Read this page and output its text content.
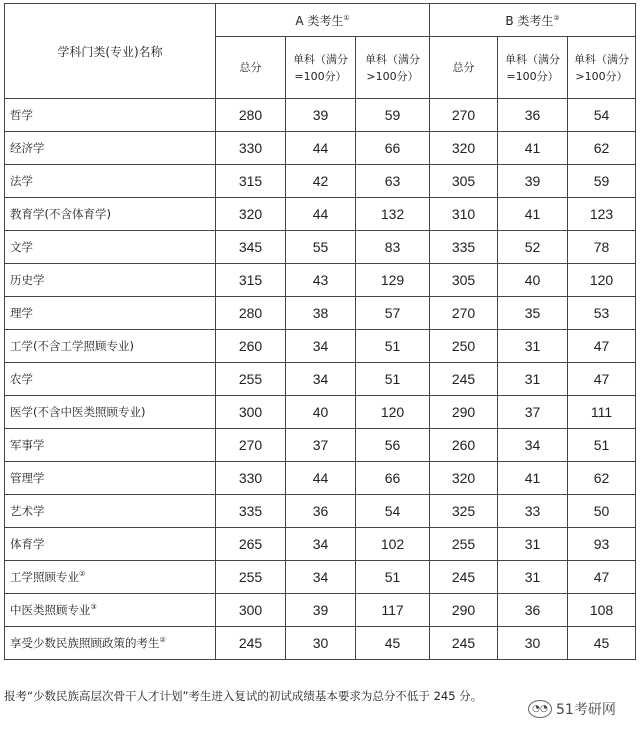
学科门类(专业)名称	A 类考生①			B 类考生②
	总分	单科（满分=100分）	单科（满分>100分）	总分	单科（满分=100分）	单科（满分>100分）
哲学	280	39	59	270	36	54
经济学	330	44	66	320	41	62
法学	315	42	63	305	39	59
教育学(不含体育学)	320	44	132	310	41	123
文学	345	55	83	335	52	78
历史学	315	43	129	305	40	120
理学	280	38	57	270	35	53
工学(不含工学照顾专业)	260	34	51	250	31	47
农学	255	34	51	245	31	47
医学(不含中医类照顾专业)	300	40	120	290	37	111
军事学	270	37	56	260	34	51
管理学	330	44	66	320	41	62
艺术学	335	36	54	325	33	50
体育学	265	34	102	255	31	93
工学照顾专业②	255	34	51	245	31	47
中医类照顾专业③	300	39	117	290	36	108
享受少数民族照顾政策的考生②	245	30	45	245	30	45
报考“少数民族高层次骨干人才计划”考生进入复试的初试成绩基本要求为总分不低于 245 分。
◔◔ 51考研网
